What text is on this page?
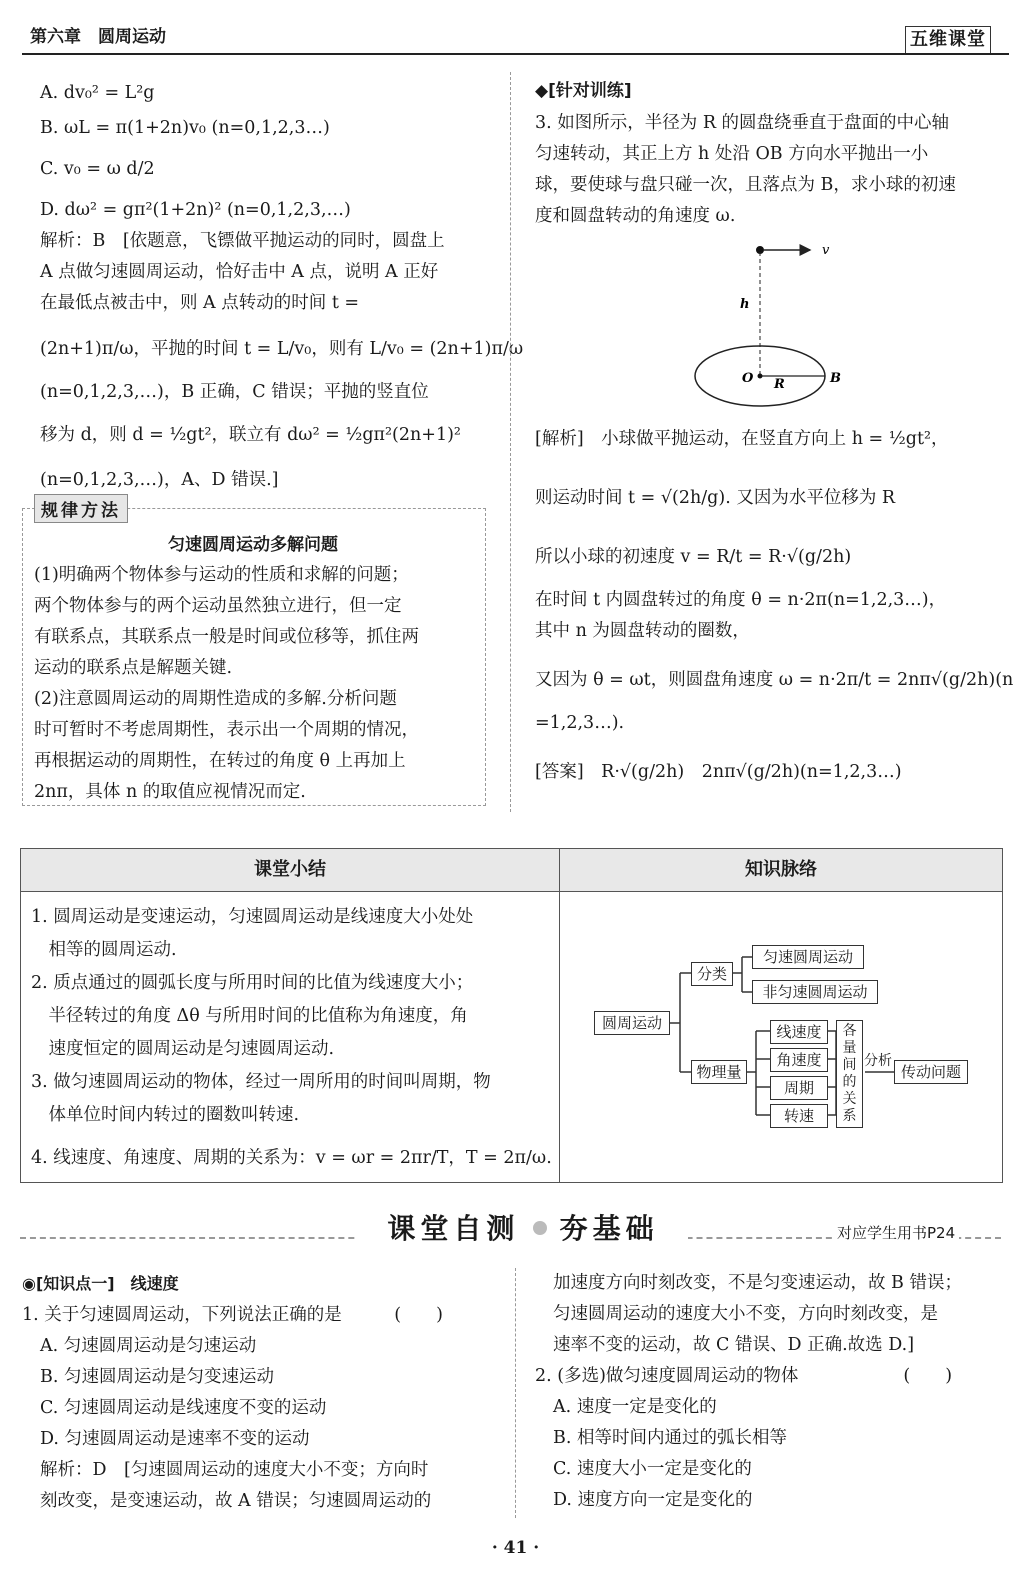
第六章　圆周运动	五维课堂
A. dv₀² = L²g
B. ωL = π(1+2n)v₀ (n=0,1,2,3…)
C. v₀ = ω d/2
D. dω² = gπ²(1+2n)² (n=0,1,2,3,…)
解析：B　[依题意，飞镖做平抛运动的同时，圆盘上
A 点做匀速圆周运动，恰好击中 A 点，说明 A 正好
在最低点被击中，则 A 点转动的时间 t =
(2n+1)π/ω，平抛的时间 t = L/v₀，则有 L/v₀ = (2n+1)π/ω
(n=0,1,2,3,…)，B 正确，C 错误；平抛的竖直位
移为 d，则 d = ½gt²，联立有 dω² = ½gπ²(2n+1)²
(n=0,1,2,3,…)，A、D 错误.]
规律方法
匀速圆周运动多解问题
(1)明确两个物体参与运动的性质和求解的问题；
两个物体参与的两个运动虽然独立进行，但一定
有联系点，其联系点一般是时间或位移等，抓住两
运动的联系点是解题关键.
(2)注意圆周运动的周期性造成的多解.分析问题
时可暂时不考虑周期性，表示出一个周期的情况，
再根据运动的周期性，在转过的角度 θ 上再加上
2nπ，具体 n 的取值应视情况而定.
◆[针对训练]
3. 如图所示，半径为 R 的圆盘绕垂直于盘面的中心轴
匀速转动，其正上方 h 处沿 OB 方向水平抛出一小
球，要使球与盘只碰一次，且落点为 B，求小球的初速
度和圆盘转动的角速度 ω.
v
h
O R	B
[解析]　小球做平抛运动，在竖直方向上 h = ½gt²，
则运动时间 t = √(2h/g). 又因为水平位移为 R
所以小球的初速度 v = R/t = R·√(g/2h)
在时间 t 内圆盘转过的角度 θ = n·2π(n=1,2,3…)，
其中 n 为圆盘转动的圈数，
又因为 θ = ωt，则圆盘角速度 ω = n·2π/t = 2nπ√(g/2h)(n
=1,2,3…).
[答案]　R·√(g/2h)　2nπ√(g/2h)(n=1,2,3…)
课堂小结	知识脉络
1. 圆周运动是变速运动，匀速圆周运动是线速度大小处处
　相等的圆周运动.
2. 质点通过的圆弧长度与所用时间的比值为线速度大小；
　半径转过的角度 Δθ 与所用时间的比值称为角速度，角
　速度恒定的圆周运动是匀速圆周运动.
3. 做匀速圆周运动的物体，经过一周所用的时间叫周期，物
　体单位时间内转过的圈数叫转速.
4. 线速度、角速度、周期的关系为：v = ωr = 2πr/T，T = 2π/ω.
圆周运动
分类
匀速圆周运动
非匀速圆周运动
物理量
线速度
角速度
周期
转速
各量间的关系
分析
传动问题
课堂自测 夯基础	对应学生用书P24
◉[知识点一]　线速度
1. 关于匀速圆周运动，下列说法正确的是　　　(　　)
A. 匀速圆周运动是匀速运动
B. 匀速圆周运动是匀变速运动
C. 匀速圆周运动是线速度不变的运动
D. 匀速圆周运动是速率不变的运动
解析：D　[匀速圆周运动的速度大小不变；方向时
刻改变，是变速运动，故 A 错误；匀速圆周运动的
加速度方向时刻改变，不是匀变速运动，故 B 错误；
匀速圆周运动的速度大小不变，方向时刻改变，是
速率不变的运动，故 C 错误、D 正确.故选 D.]
2. (多选)做匀速度圆周运动的物体　　　　　　(　　)
A. 速度一定是变化的
B. 相等时间内通过的弧长相等
C. 速度大小一定是变化的
D. 速度方向一定是变化的
· 41 ·
